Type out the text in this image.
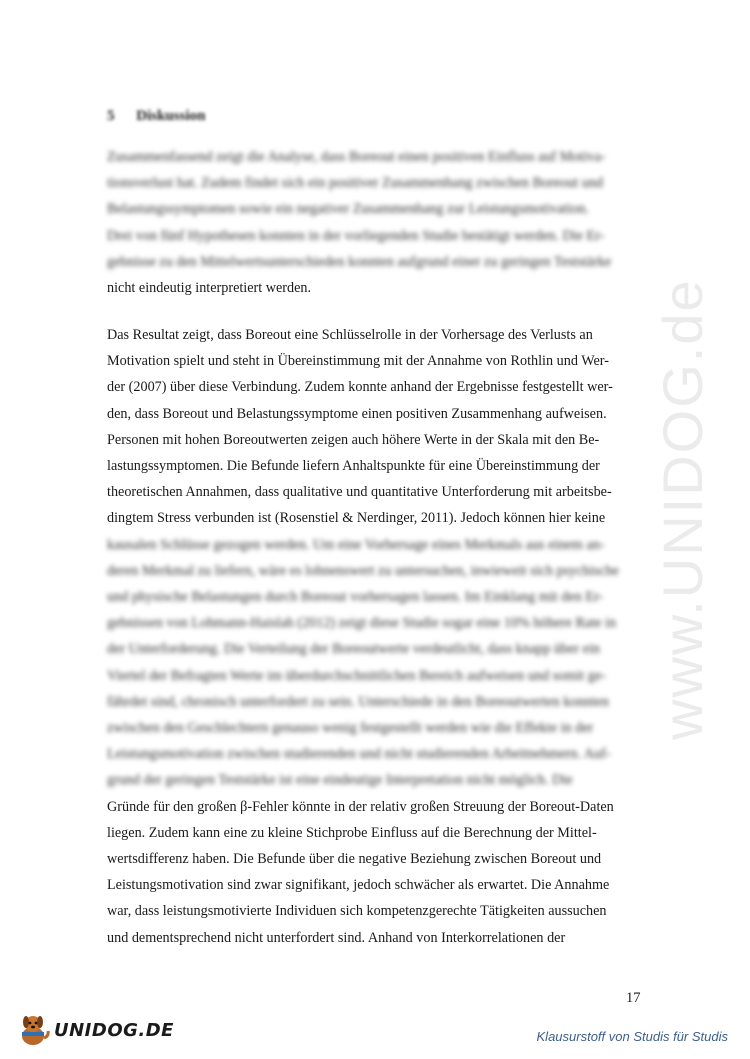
www.UNIDOG.de
5 Diskussion
Zusammenfassend zeigt die Analyse, dass Boreout einen positiven Einfluss auf Motiva-
tionsverlust hat. Zudem findet sich ein positiver Zusammenhang zwischen Boreout und
Belastungssymptomen sowie ein negativer Zusammenhang zur Leistungsmotivation.
Drei von fünf Hypothesen konnten in der vorliegenden Studie bestätigt werden. Die Er-
gebnisse zu den Mittelwertsunterschieden konnten aufgrund einer zu geringen Teststärke
nicht eindeutig interpretiert werden.
Das Resultat zeigt, dass Boreout eine Schlüsselrolle in der Vorhersage des Verlusts an
Motivation spielt und steht in Übereinstimmung mit der Annahme von Rothlin und Wer-
der (2007) über diese Verbindung. Zudem konnte anhand der Ergebnisse festgestellt wer-
den, dass Boreout und Belastungssymptome einen positiven Zusammenhang aufweisen.
Personen mit hohen Boreoutwerten zeigen auch höhere Werte in der Skala mit den Be-
lastungssymptomen. Die Befunde liefern Anhaltspunkte für eine Übereinstimmung der
theoretischen Annahmen, dass qualitative und quantitative Unterforderung mit arbeitsbe-
dingtem Stress verbunden ist (Rosenstiel & Nerdinger, 2011). Jedoch können hier keine
kausalen Schlüsse gezogen werden. Um eine Vorhersage eines Merkmals aus einem an-
deren Merkmal zu liefern, wäre es lohnenswert zu untersuchen, inwieweit sich psychische
und physische Belastungen durch Boreout vorhersagen lassen. Im Einklang mit den Er-
gebnissen von Lohmann-Haislah (2012) zeigt diese Studie sogar eine 10% höhere Rate in
der Unterforderung. Die Verteilung der Boreoutwerte verdeutlicht, dass knapp über ein
Viertel der Befragten Werte im überdurchschnittlichen Bereich aufweisen und somit ge-
fährdet sind, chronisch unterfordert zu sein. Unterschiede in den Boreoutwerten konnten
zwischen den Geschlechtern genauso wenig festgestellt werden wie die Effekte in der
Leistungsmotivation zwischen studierenden und nicht studierenden Arbeitnehmern. Auf-
grund der geringen Teststärke ist eine eindeutige Interpretation nicht möglich. Die
Gründe für den großen β-Fehler könnte in der relativ großen Streuung der Boreout-Daten
liegen. Zudem kann eine zu kleine Stichprobe Einfluss auf die Berechnung der Mittel-
wertsdifferenz haben. Die Befunde über die negative Beziehung zwischen Boreout und
Leistungsmotivation sind zwar signifikant, jedoch schwächer als erwartet. Die Annahme
war, dass leistungsmotivierte Individuen sich kompetenzgerechte Tätigkeiten aussuchen
und dementsprechend nicht unterfordert sind. Anhand von Interkorrelationen der
17
UNIDOG.DE	Klausurstoff von Studis für Studis
